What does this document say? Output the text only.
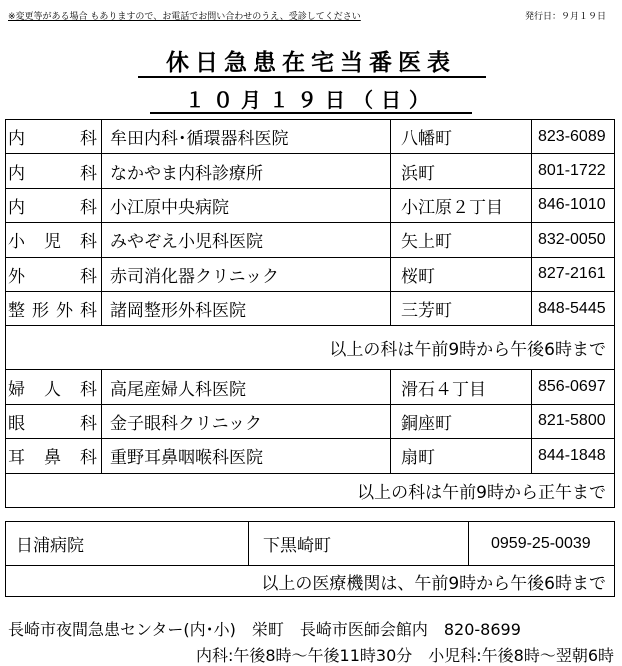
※変更等がある場合 もありますので、お電話でお問い合わせのうえ、受診してください	発行日：９月１９日
休日急患在宅当番医表
１０月１９日（日）
内	科 牟田内科･循環器科医院	八幡町	823-6089
内	科 なかやま内科診療所	浜町	801-1722
内	科 小江原中央病院	小江原２丁目	846-1010
小 児 科 みやぞえ小児科医院	矢上町	832-0050
外	科 赤司消化器クリニック	桜町	827-2161
整 形 外 科 諸岡整形外科医院	三芳町	848-5445
以上の科は午前9時から午後6時まで
婦 人 科 高尾産婦人科医院	滑石４丁目	856-0697
眼	科 金子眼科クリニック	銅座町	821-5800
耳 鼻 科 重野耳鼻咽喉科医院	扇町	844-1848
以上の科は午前9時から正午まで
日浦病院	下黒崎町	0959-25-0039
以上の医療機関は、午前9時から午後6時まで
長崎市夜間急患センター(内･小)　栄町　長崎市医師会館内　820-8699
内科:午後8時～午後11時30分　小児科:午後8時～翌朝6時
